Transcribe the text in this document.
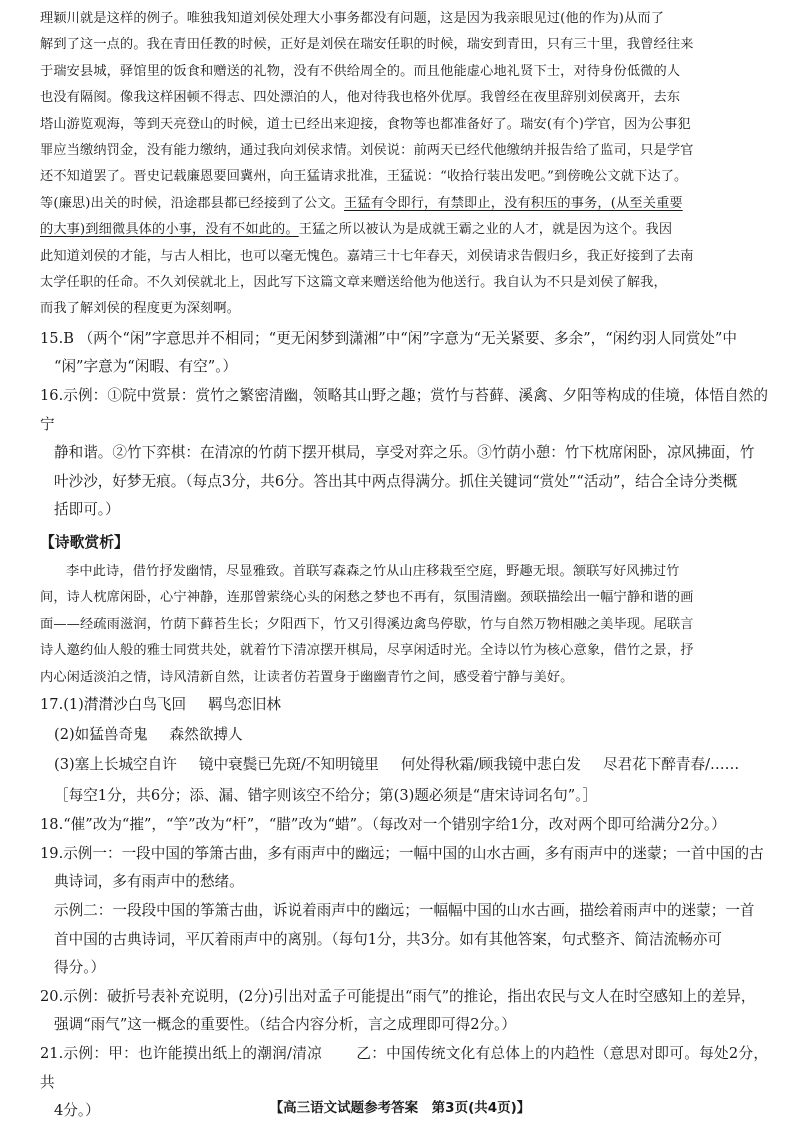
理颖川就是这样的例子。唯独我知道刘侯处理大小事务都没有问题，这是因为我亲眼见过(他的作为)从而了

解到了这一点的。我在青田任教的时候，正好是刘侯在瑞安任职的时候，瑞安到青田，只有三十里，我曾经往来

于瑞安县城，驿馆里的饭食和赠送的礼物，没有不供给周全的。而且他能虚心地礼贤下士，对待身份低微的人

也没有隔阂。像我这样困顿不得志、四处漂泊的人，他对待我也格外优厚。我曾经在夜里辞别刘侯离开，去东

塔山游览观海，等到天亮登山的时候，道士已经出来迎接，食物等也都准备好了。瑞安(有个)学官，因为公事犯

罪应当缴纳罚金，没有能力缴纳，通过我向刘侯求情。刘侯说：前两天已经代他缴纳并报告给了监司，只是学官

还不知道罢了。晋史记载廉恩要回冀州，向王猛请求批准，王猛说：“收拾行装出发吧。”到傍晚公文就下达了。

等(廉思)出关的时候，沿途郡县都已经接到了公文。王猛有令即行，有禁即止，没有积压的事务，(从至关重要

的大事)到细微具体的小事，没有不如此的。王猛之所以被认为是成就王霸之业的人才，就是因为这个。我因

此知道刘侯的才能，与古人相比，也可以毫无愧色。嘉靖三十七年春天，刘侯请求告假归乡，我正好接到了去南

太学任职的任命。不久刘侯就北上，因此写下这篇文章来赠送给他为他送行。我自认为不只是刘侯了解我，

而我了解刘侯的程度更为深刻啊。

15.B （两个“闲”字意思并不相同；“更无闲梦到潇湘”中“闲”字意为“无关紧要、多余”，“闲约羽人同赏处”中

“闲”字意为“闲暇、有空”。）

16.示例：①院中赏景：赏竹之繁密清幽，领略其山野之趣；赏竹与苔藓、溪禽、夕阳等构成的佳境，体悟自然的宁

静和谐。②竹下弈棋：在清凉的竹荫下摆开棋局，享受对弈之乐。③竹荫小憩：竹下枕席闲卧，凉风拂面，竹

叶沙沙，好梦无痕。（每点3分，共6分。答出其中两点得满分。抓住关键词“赏处”“活动”，结合全诗分类概

括即可。）

【诗歌赏析】

李中此诗，借竹抒发幽情，尽显雅致。首联写森森之竹从山庄移栽至空庭，野趣无垠。颔联写好风拂过竹

间，诗人枕席闲卧，心宁神静，连那曾萦绕心头的闲愁之梦也不再有，氛围清幽。颈联描绘出一幅宁静和谐的画

面——经疏雨滋润，竹荫下藓苔生长；夕阳西下，竹又引得溪边禽鸟停歇，竹与自然万物相融之美毕现。尾联言

诗人邀约仙人般的雅士同赏共处，就着竹下清凉摆开棋局，尽享闲适时光。全诗以竹为核心意象，借竹之景，抒

内心闲适淡泊之情，诗风清新自然，让读者仿若置身于幽幽青竹之间，感受着宁静与美好。

17.(1)潸潸沙白鸟飞回 羁鸟恋旧林

(2)如猛兽奇鬼 森然欲搏人

(3)塞上长城空自许 镜中衰鬓已先斑/不知明镜里 何处得秋霜/顾我镜中悲白发 尽君花下醉青春/……

［每空1分，共6分；添、漏、错字则该空不给分；第(3)题必须是“唐宋诗词名句”。］

18.“催”改为“摧”，“竽”改为“杆”，“腊”改为“蜡”。（每改对一个错别字给1分，改对两个即可给满分2分。）

19.示例一：一段中国的筝箫古曲，多有雨声中的幽远；一幅中国的山水古画，多有雨声中的迷蒙；一首中国的古

典诗词，多有雨声中的愁绪。

示例二：一段段中国的筝箫古曲，诉说着雨声中的幽远；一幅幅中国的山水古画，描绘着雨声中的迷蒙；一首

首中国的古典诗词，平仄着雨声中的离别。（每句1分，共3分。如有其他答案，句式整齐、简洁流畅亦可

得分。）

20.示例：破折号表补充说明，(2分)引出对孟子可能提出“雨气”的推论，指出农民与文人在时空感知上的差异，

强调“雨气”这一概念的重要性。（结合内容分析，言之成理即可得2分。）

21.示例：甲：也许能摸出纸上的潮润/清凉 乙：中国传统文化有总体上的内趋性（意思对即可。每处2分，共

4分。）	【高三语文试题参考答案　第3页(共4页)】
